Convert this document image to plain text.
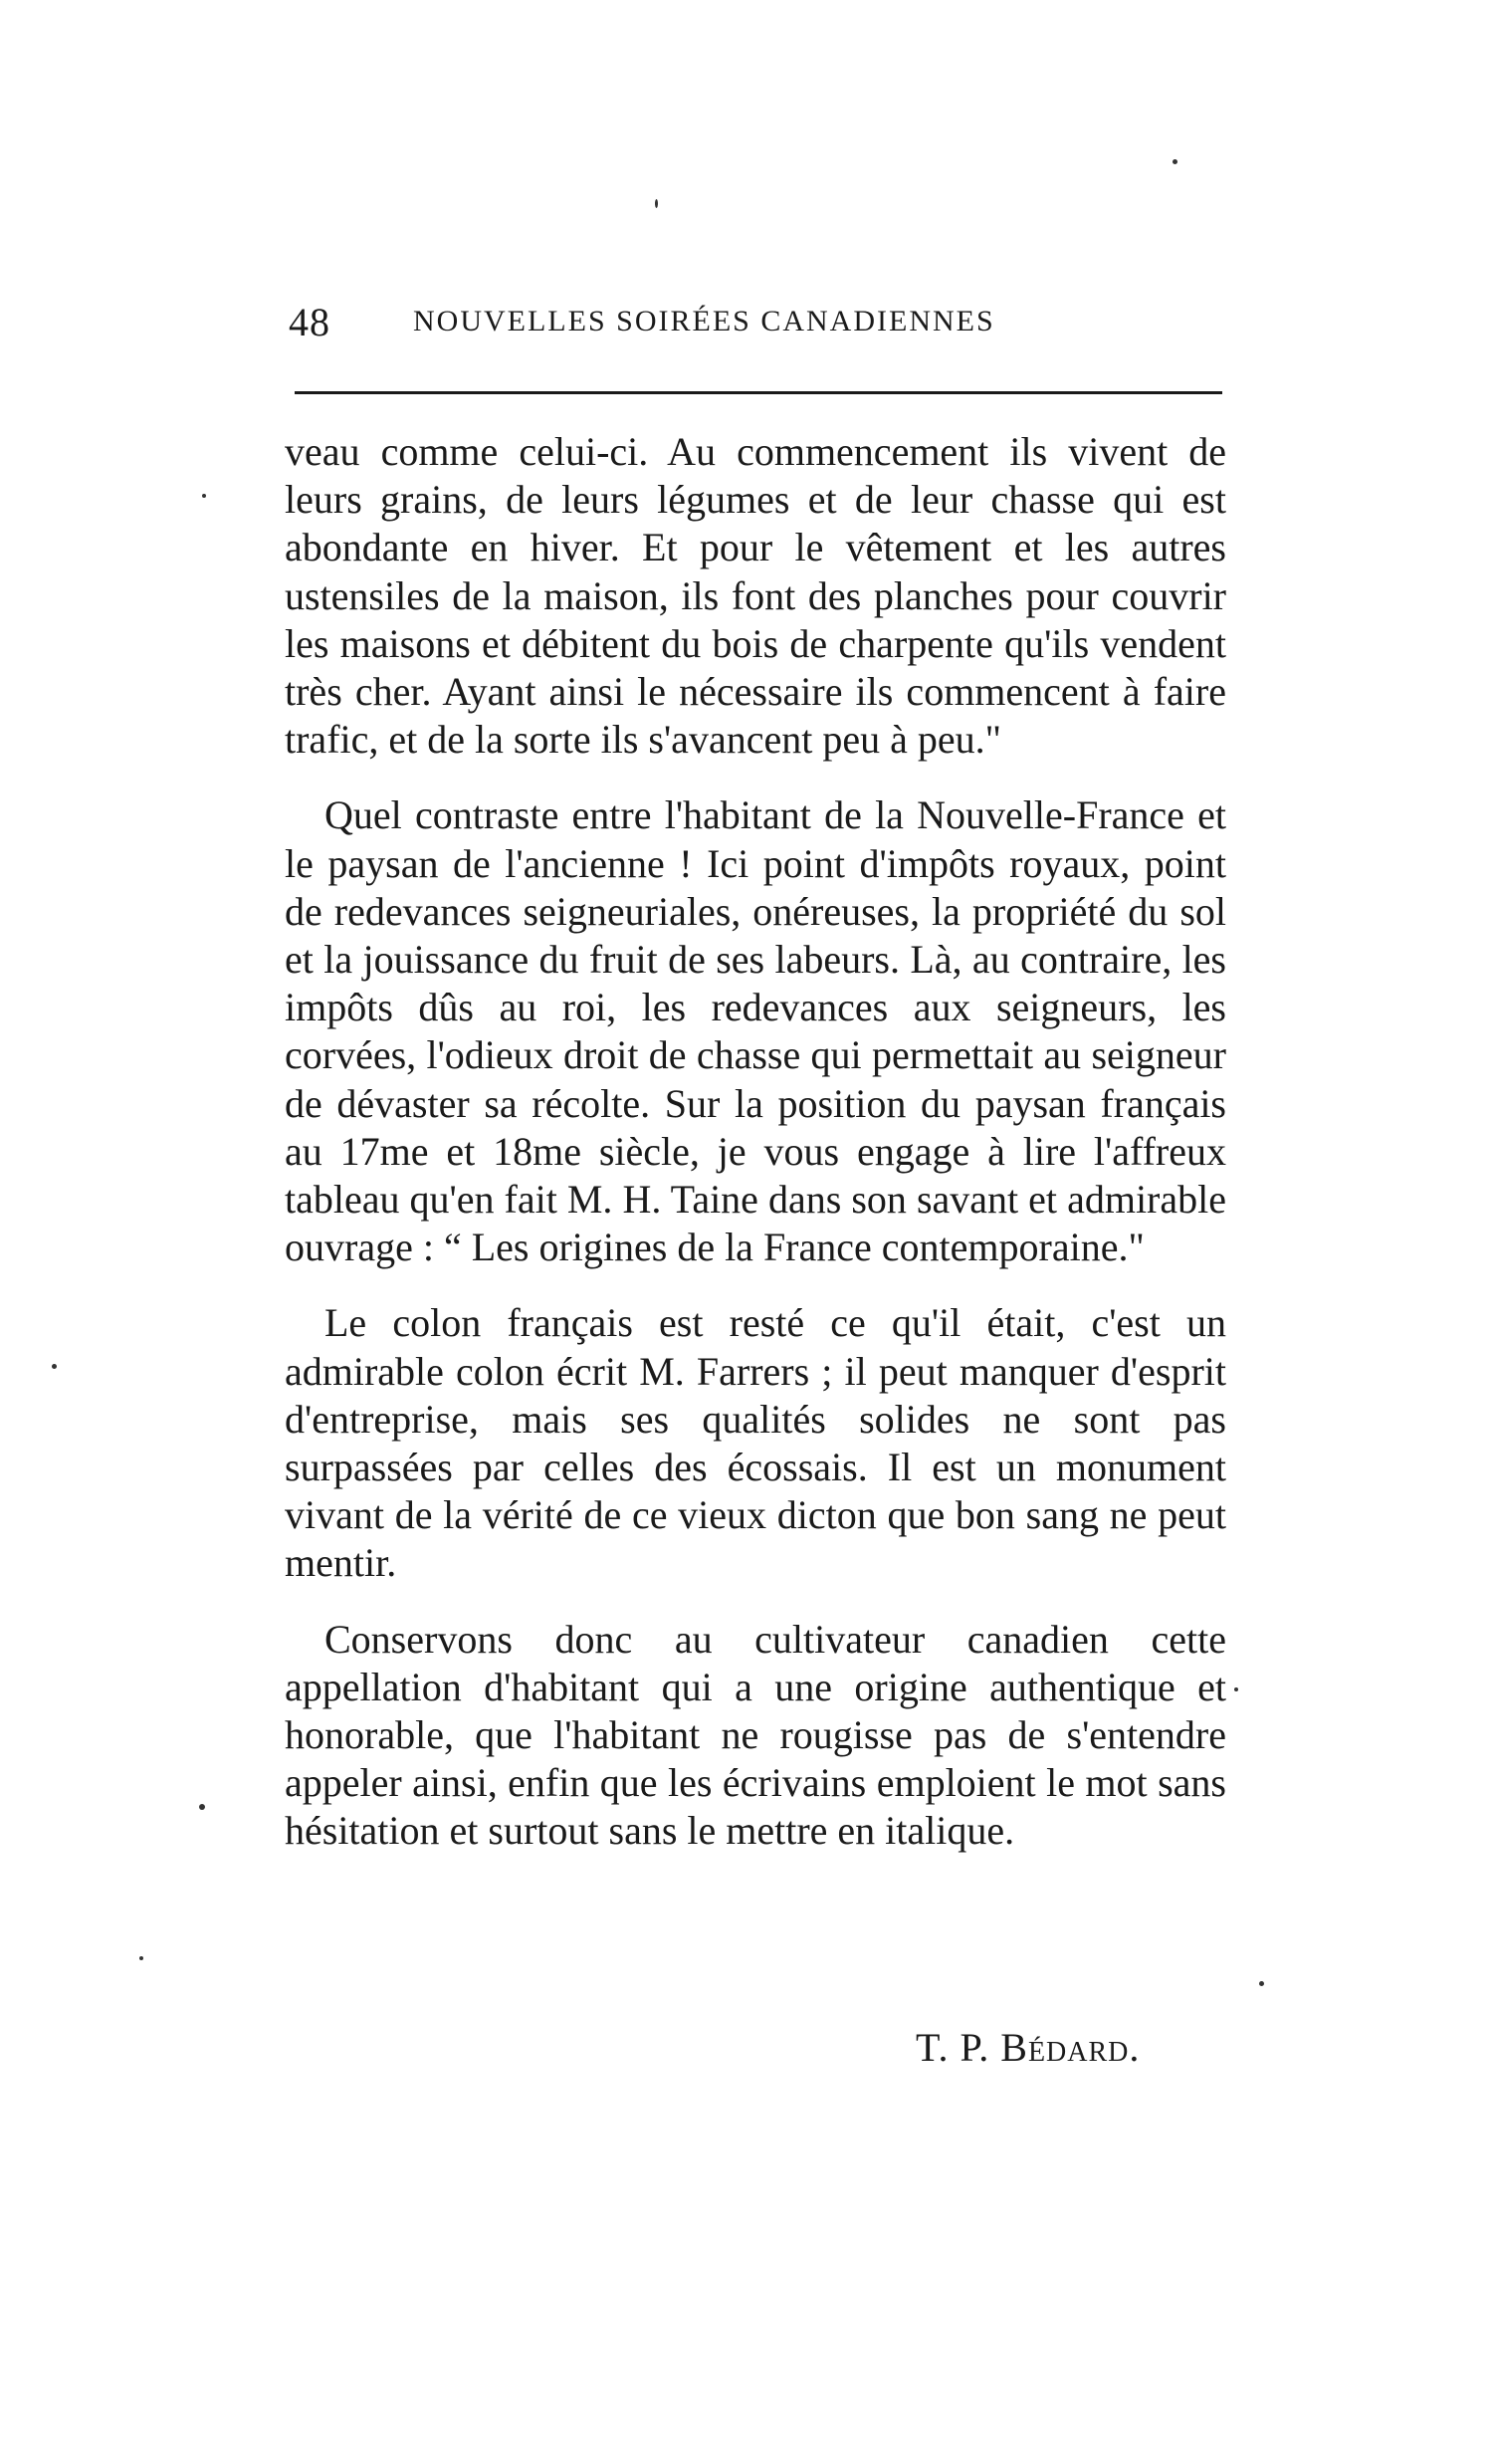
48	NOUVELLES SOIRÉES CANADIENNES

veau comme celui-ci. Au commencement ils vivent de leurs grains, de leurs légumes et de leur chasse qui est abondante en hiver. Et pour le vêtement et les autres ustensiles de la maison, ils font des planches pour couvrir les maisons et débitent du bois de charpente qu'ils vendent très cher. Ayant ainsi le nécessaire ils commencent à faire trafic, et de la sorte ils s'avancent peu à peu."

Quel contraste entre l'habitant de la Nouvelle-France et le paysan de l'ancienne ! Ici point d'impôts royaux, point de redevances seigneuriales, onéreuses, la propriété du sol et la jouissance du fruit de ses labeurs. Là, au contraire, les impôts dûs au roi, les redevances aux seigneurs, les corvées, l'odieux droit de chasse qui permettait au seigneur de dévaster sa récolte. Sur la position du paysan français au 17me et 18me siècle, je vous engage à lire l'affreux tableau qu'en fait M. H. Taine dans son savant et admirable ouvrage : “ Les origines de la France contemporaine."

Le colon français est resté ce qu'il était, c'est un admirable colon écrit M. Farrers ; il peut manquer d'esprit d'entreprise, mais ses qualités solides ne sont pas surpassées par celles des écossais. Il est un monument vivant de la vérité de ce vieux dicton que bon sang ne peut mentir.

Conservons donc au cultivateur canadien cette appellation d'habitant qui a une origine authentique et honorable, que l'habitant ne rougisse pas de s'entendre appeler ainsi, enfin que les écrivains emploient le mot sans hésitation et surtout sans le mettre en italique.

T. P. Bédard.
